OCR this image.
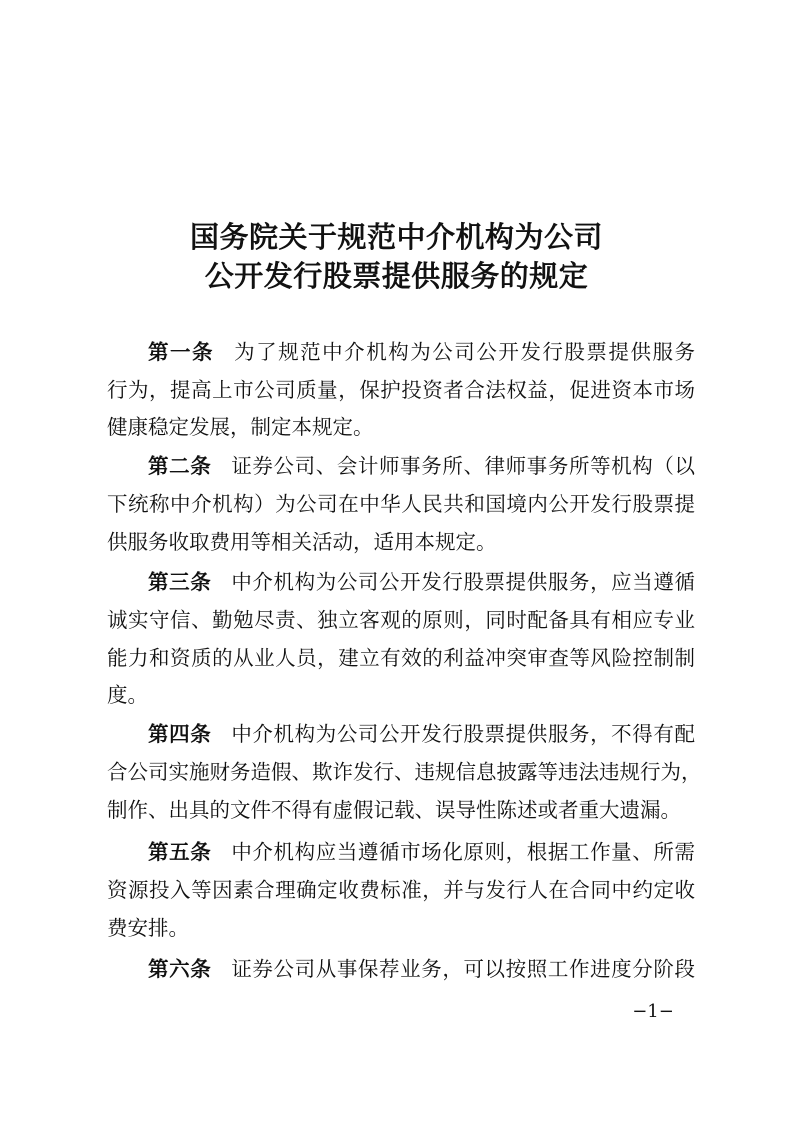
国务院关于规范中介机构为公司
公开发行股票提供服务的规定
第一条 为了规范中介机构为公司公开发行股票提供服务
行为，提高上市公司质量，保护投资者合法权益，促进资本市场
健康稳定发展，制定本规定。
第二条 证券公司、会计师事务所、律师事务所等机构（以
下统称中介机构）为公司在中华人民共和国境内公开发行股票提
供服务收取费用等相关活动，适用本规定。
第三条 中介机构为公司公开发行股票提供服务，应当遵循
诚实守信、勤勉尽责、独立客观的原则，同时配备具有相应专业
能力和资质的从业人员，建立有效的利益冲突审查等风险控制制
度。
第四条 中介机构为公司公开发行股票提供服务，不得有配
合公司实施财务造假、欺诈发行、违规信息披露等违法违规行为，
制作、出具的文件不得有虚假记载、误导性陈述或者重大遗漏。
第五条 中介机构应当遵循市场化原则，根据工作量、所需
资源投入等因素合理确定收费标准，并与发行人在合同中约定收
费安排。
第六条 证券公司从事保荐业务，可以按照工作进度分阶段
−1−
